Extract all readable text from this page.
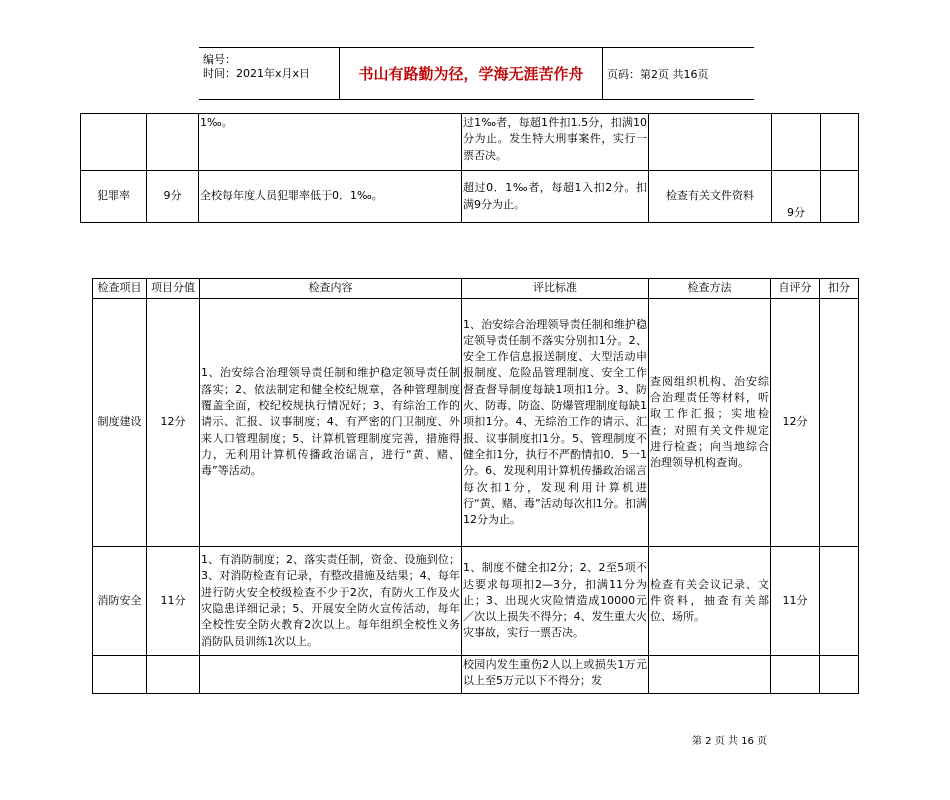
编号：
时间：2021年x月x日	书山有路勤为径，学海无涯苦作舟	页码：第2页 共16页
		1‰。	过1‰者，每超1件扣1.5分，扣满10分为止。发生特大刑事案件，实行一票否决。			
犯罪率	9分	全校每年度人员犯罪率低于0．1‰。	超过0．1‰者，每超1入扣2分。扣满9分为止。	检查有关文件资料	9分	
检查项目	项目分值	检查内容	评比标准	检查方法	自评分	扣分
制度建设	12分	1、治安综合治理领导责任制和维护稳定领导责任制落实；2、依法制定和健全校纪规章，各种管理制度覆盖全面，校纪校规执行情况好；3、有综治工作的请示、汇报、议事制度；4、有严密的门卫制度、外来人口管理制度；5、计算机管理制度完善，措施得力，无利用计算机传播政治谣言，进行“黄、赌、毒”等活动。	1、治安综合治理领导责任制和维护稳定领导责任制不落实分别扣1分。2、安全工作信息报送制度、大型活动申报制度、危险品管理制度、安全工作督查督导制度每缺1项扣1分。3、防火、防毒、防盗、防爆管理制度每缺1项扣1分。4、无综治工作的请示、汇报、议事制度扣1分。5、管理制度不健全扣1分，执行不严酌情扣0．5一1分。6、发现利用计算机传播政治谣言每次扣1分，发现利用计算机进行“黄、赌、毒”活动每次扣1分。扣满12分为止。	查阅组织机构、治安综合治理责任等材料，听取工作汇报；实地检查；对照有关文件规定进行检查；向当地综合治理领导机构查询。	12分	
消防安全	11分	1、有消防制度；2、落实责任制，资金、设施到位；3、对消防检查有记录，有整改措施及结果；4、每年进行防火安全校级检查不少于2次，有防火工作及火灾隐患详细记录；5、开展安全防火宣传活动，每年全校性安全防火教育2次以上。每年组织全校性义务消防队员训练1次以上。	1、制度不健全扣2分；2、2至5项不达要求每项扣2—3分，扣满11分为止；3、出现火灾险情造成10000元／次以上损失不得分；4、发生重大火灾事故，实行一票否决。	检查有关会议记录、文件资料，抽查有关部位、场所。	11分	
			校园内发生重伤2人以上或损失1万元以上至5万元以下不得分；发			
第 2 页 共 16 页
